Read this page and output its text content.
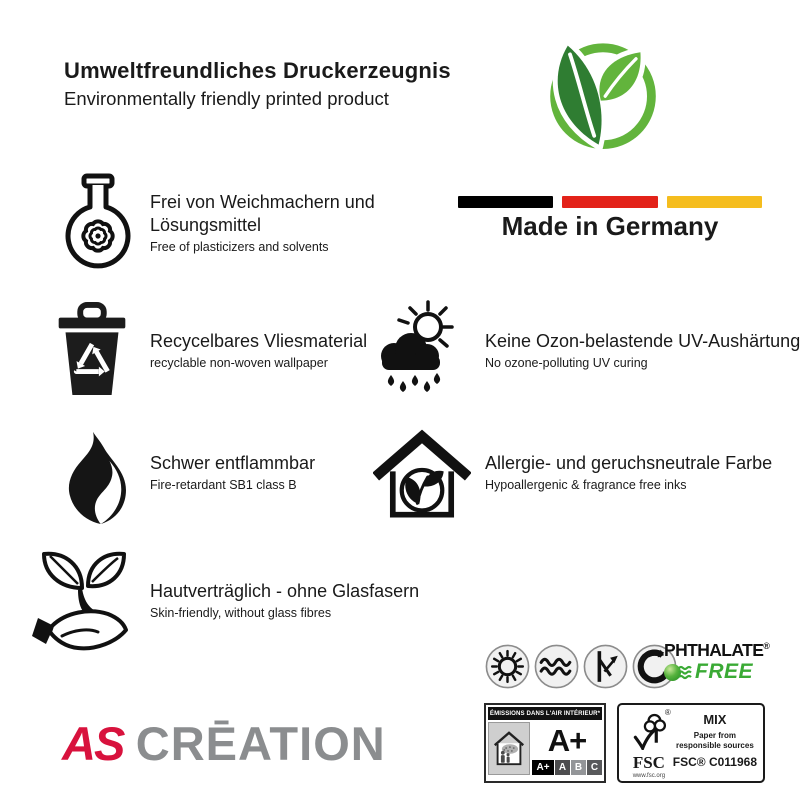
Umweltfreundliches Druckerzeugnis
Environmentally friendly printed product
Made in Germany
Frei von Weichmachern und Lösungsmittel
Free of plasticizers and solvents
Recycelbares Vliesmaterial
recyclable non-woven wallpaper
Keine Ozon-belastende UV-Aushärtung
No ozone-polluting UV curing
Schwer entflammbar
Fire-retardant SB1 class B
Allergie- und geruchsneutrale Farbe
Hypoallergenic & fragrance free inks
Hautverträglich - ohne Glasfasern
Skin-friendly, without glass fibres
PHTHALATE®
FREE
ÉMISSIONS DANS L'AIR INTÉRIEUR*
A+
A+ A B C
®
FSC
www.fsc.org
MIX
Paper from
responsible sources
FSC® C011968
AS CRĒATION
